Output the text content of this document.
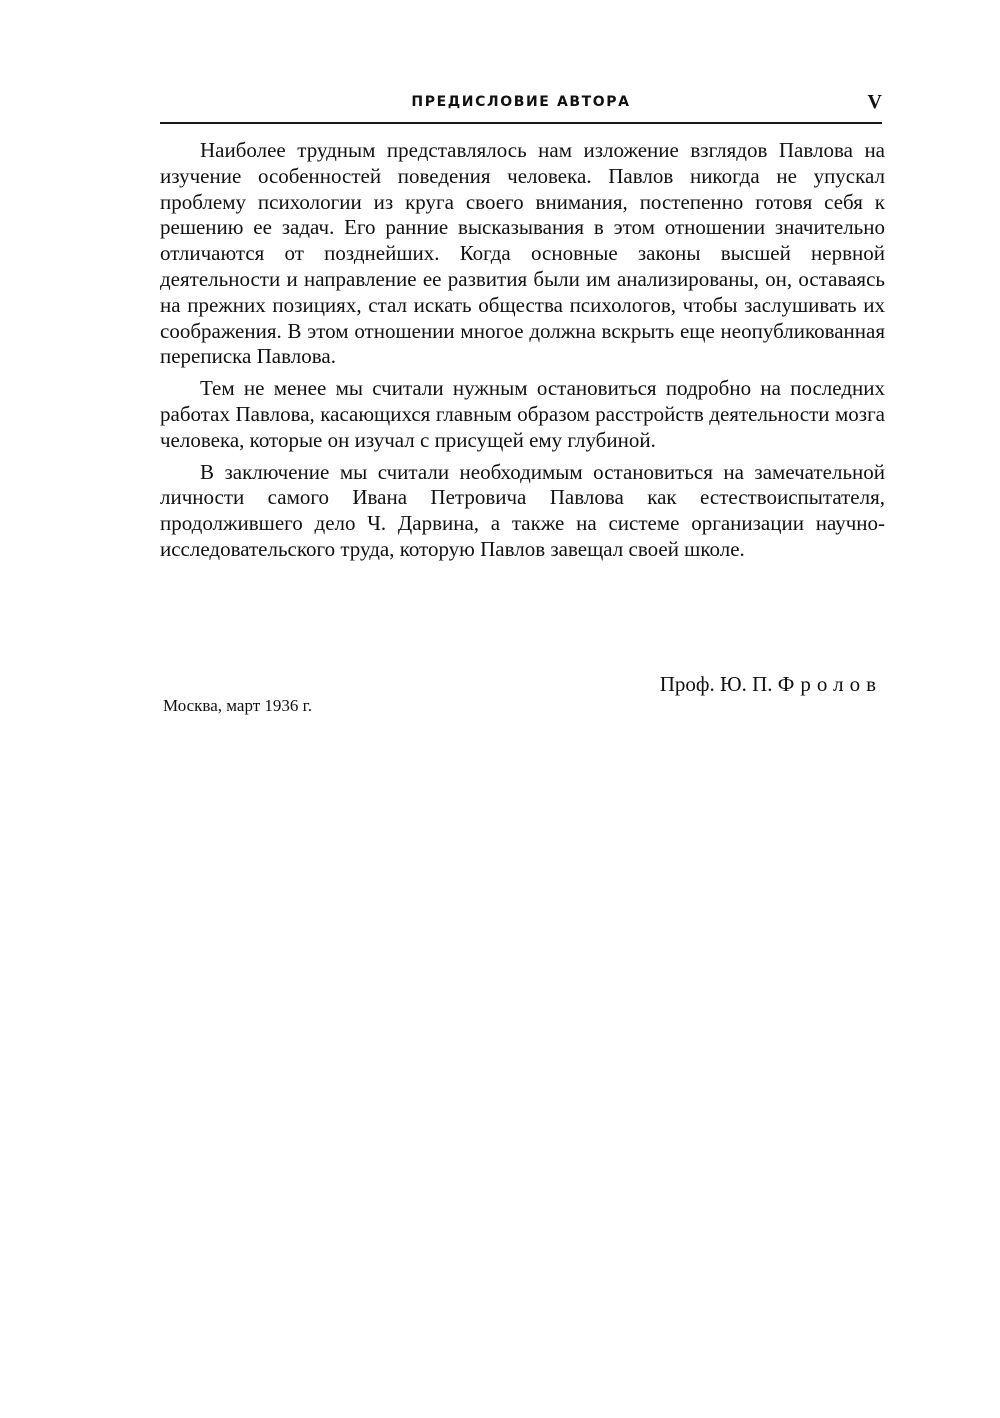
ПРЕДИСЛОВИЕ АВТОРА	V

Наиболее трудным представлялось нам изложение взглядов Павлова на изучение особенностей поведения человека. Павлов никогда не упускал проблему психологии из круга своего внимания, постепенно готовя себя к решению ее задач. Его ранние высказывания в этом отношении значительно отличаются от позднейших. Когда основные законы высшей нервной деятельности и направление ее развития были им анализированы, он, оставаясь на прежних позициях, стал искать общества психологов, чтобы заслушивать их соображения. В этом отношении многое должна вскрыть еще неопубликованная переписка Павлова.

Тем не менее мы считали нужным остановиться подробно на последних работах Павлова, касающихся главным образом расстройств деятельности мозга человека, которые он изучал с присущей ему глубиной.

В заключение мы считали необходимым остановиться на замечательной личности самого Ивана Петровича Павлова как естествоиспытателя, продолжившего дело Ч. Дарвина, а также на системе организации научно-исследовательского труда, которую Павлов завещал своей школе.

Проф. Ю. П. Фролов
Москва, март 1936 г.
